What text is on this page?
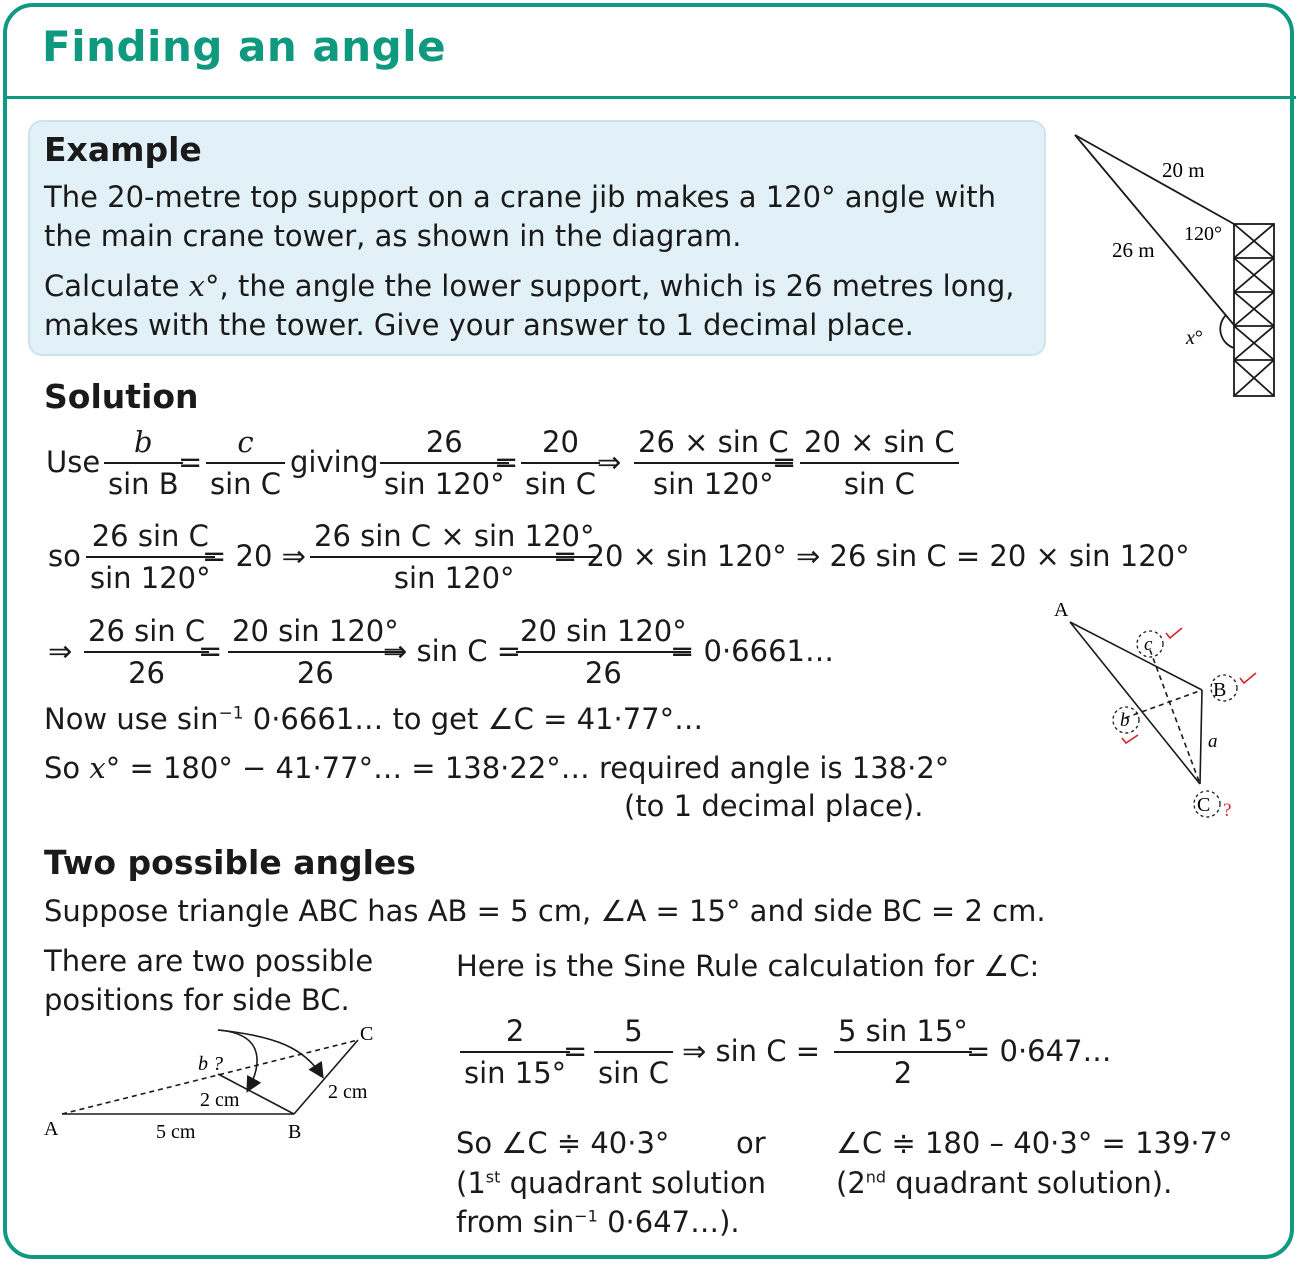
Finding an angle
Example
The 20-metre top support on a crane jib makes a 120° angle with
the main crane tower, as shown in the diagram.
Calculate x°, the angle the lower support, which is 26 metres long,
makes with the tower. Give your answer to 1 decimal place.
20 m
26 m
120°
x°
Solution
Use $\frac{b}{\text{sin B}}$
= $\frac{c}{\text{sin C}}$ giving $\frac{26}{\sin 120^\circ}$
= $\frac{20}{\text{sin C}}$
⇒ $\frac{\text{26 × sin C}}{\sin 120^\circ}$
= $\frac{\text{20 × sin C}}{\text{sin C}}$
so $\frac{\text{26 sin C}}{\sin 120^\circ}$
= 20 ⇒ $\frac{\text{26 sin C × sin 120°}}{\sin 120^\circ}$
= 20 × sin 120° ⇒ 26 sin C = 20 × sin 120°
⇒ $\frac{\text{26 sin C}}{26}$
= $\frac{20 \sin 120^\circ}{26}$
⇒ sin C =
$\frac{20 \sin 120^\circ}{26}$
= 0·6661…
Now use $\sin^{-1}$ 0·6661… to get ∠C = 41·77°…
So x° = 180° − 41·77°… = 138·22°… required angle is 138·2°
(to 1 decimal place).
A
B
C
c
b
a
?
Two possible angles
Suppose triangle ABC has AB = 5 cm, ∠A = 15° and side BC = 2 cm.
There are two possible
positions for side BC.
A	B
C
5 cm
2 cm	2 cm
b ?
Here is the Sine Rule calculation for ∠C:
$\frac{2}{\sin 15^\circ}$
= $\frac{5}{\text{sin C}}$ ⇒ $\sin C = \frac{5 \sin 15^\circ}{2}$
= 0·647…
So ∠C ≑ 40·3° or ∠C ≑ 180 – 40·3° = 139·7°
(1st quadrant solution
from $\sin^{-1}$ 0·647…).
(2nd quadrant solution).
